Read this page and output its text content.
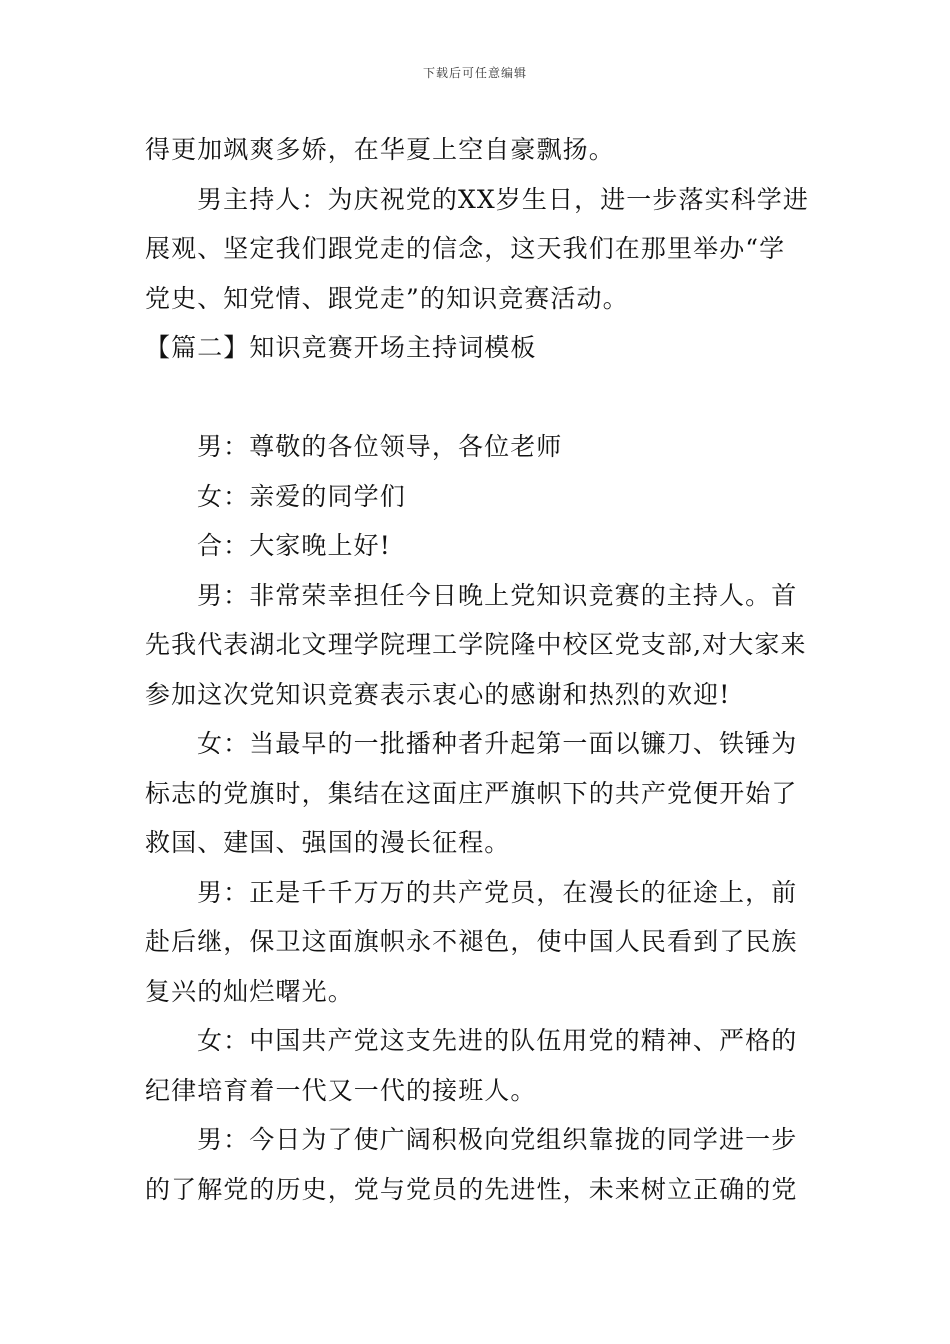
下载后可任意编辑
得更加飒爽多娇，在华夏上空自豪飘扬。
男主持人：为庆祝党的XX岁生日，进一步落实科学进
展观、坚定我们跟党走的信念，这天我们在那里举办“学
党史、知党情、跟党走”的知识竞赛活动。
【篇二】知识竞赛开场主持词模板
男：尊敬的各位领导，各位老师
女：亲爱的同学们
合：大家晚上好!
男：非常荣幸担任今日晚上党知识竞赛的主持人。首
先我代表湖北文理学院理工学院隆中校区党支部,对大家来
参加这次党知识竞赛表示衷心的感谢和热烈的欢迎!
女：当最早的一批播种者升起第一面以镰刀、铁锤为
标志的党旗时，集结在这面庄严旗帜下的共产党便开始了
救国、建国、强国的漫长征程。
男：正是千千万万的共产党员，在漫长的征途上，前
赴后继，保卫这面旗帜永不褪色，使中国人民看到了民族
复兴的灿烂曙光。
女：中国共产党这支先进的队伍用党的精神、严格的
纪律培育着一代又一代的接班人。
男：今日为了使广阔积极向党组织靠拢的同学进一步
的了解党的历史，党与党员的先进性，未来树立正确的党
